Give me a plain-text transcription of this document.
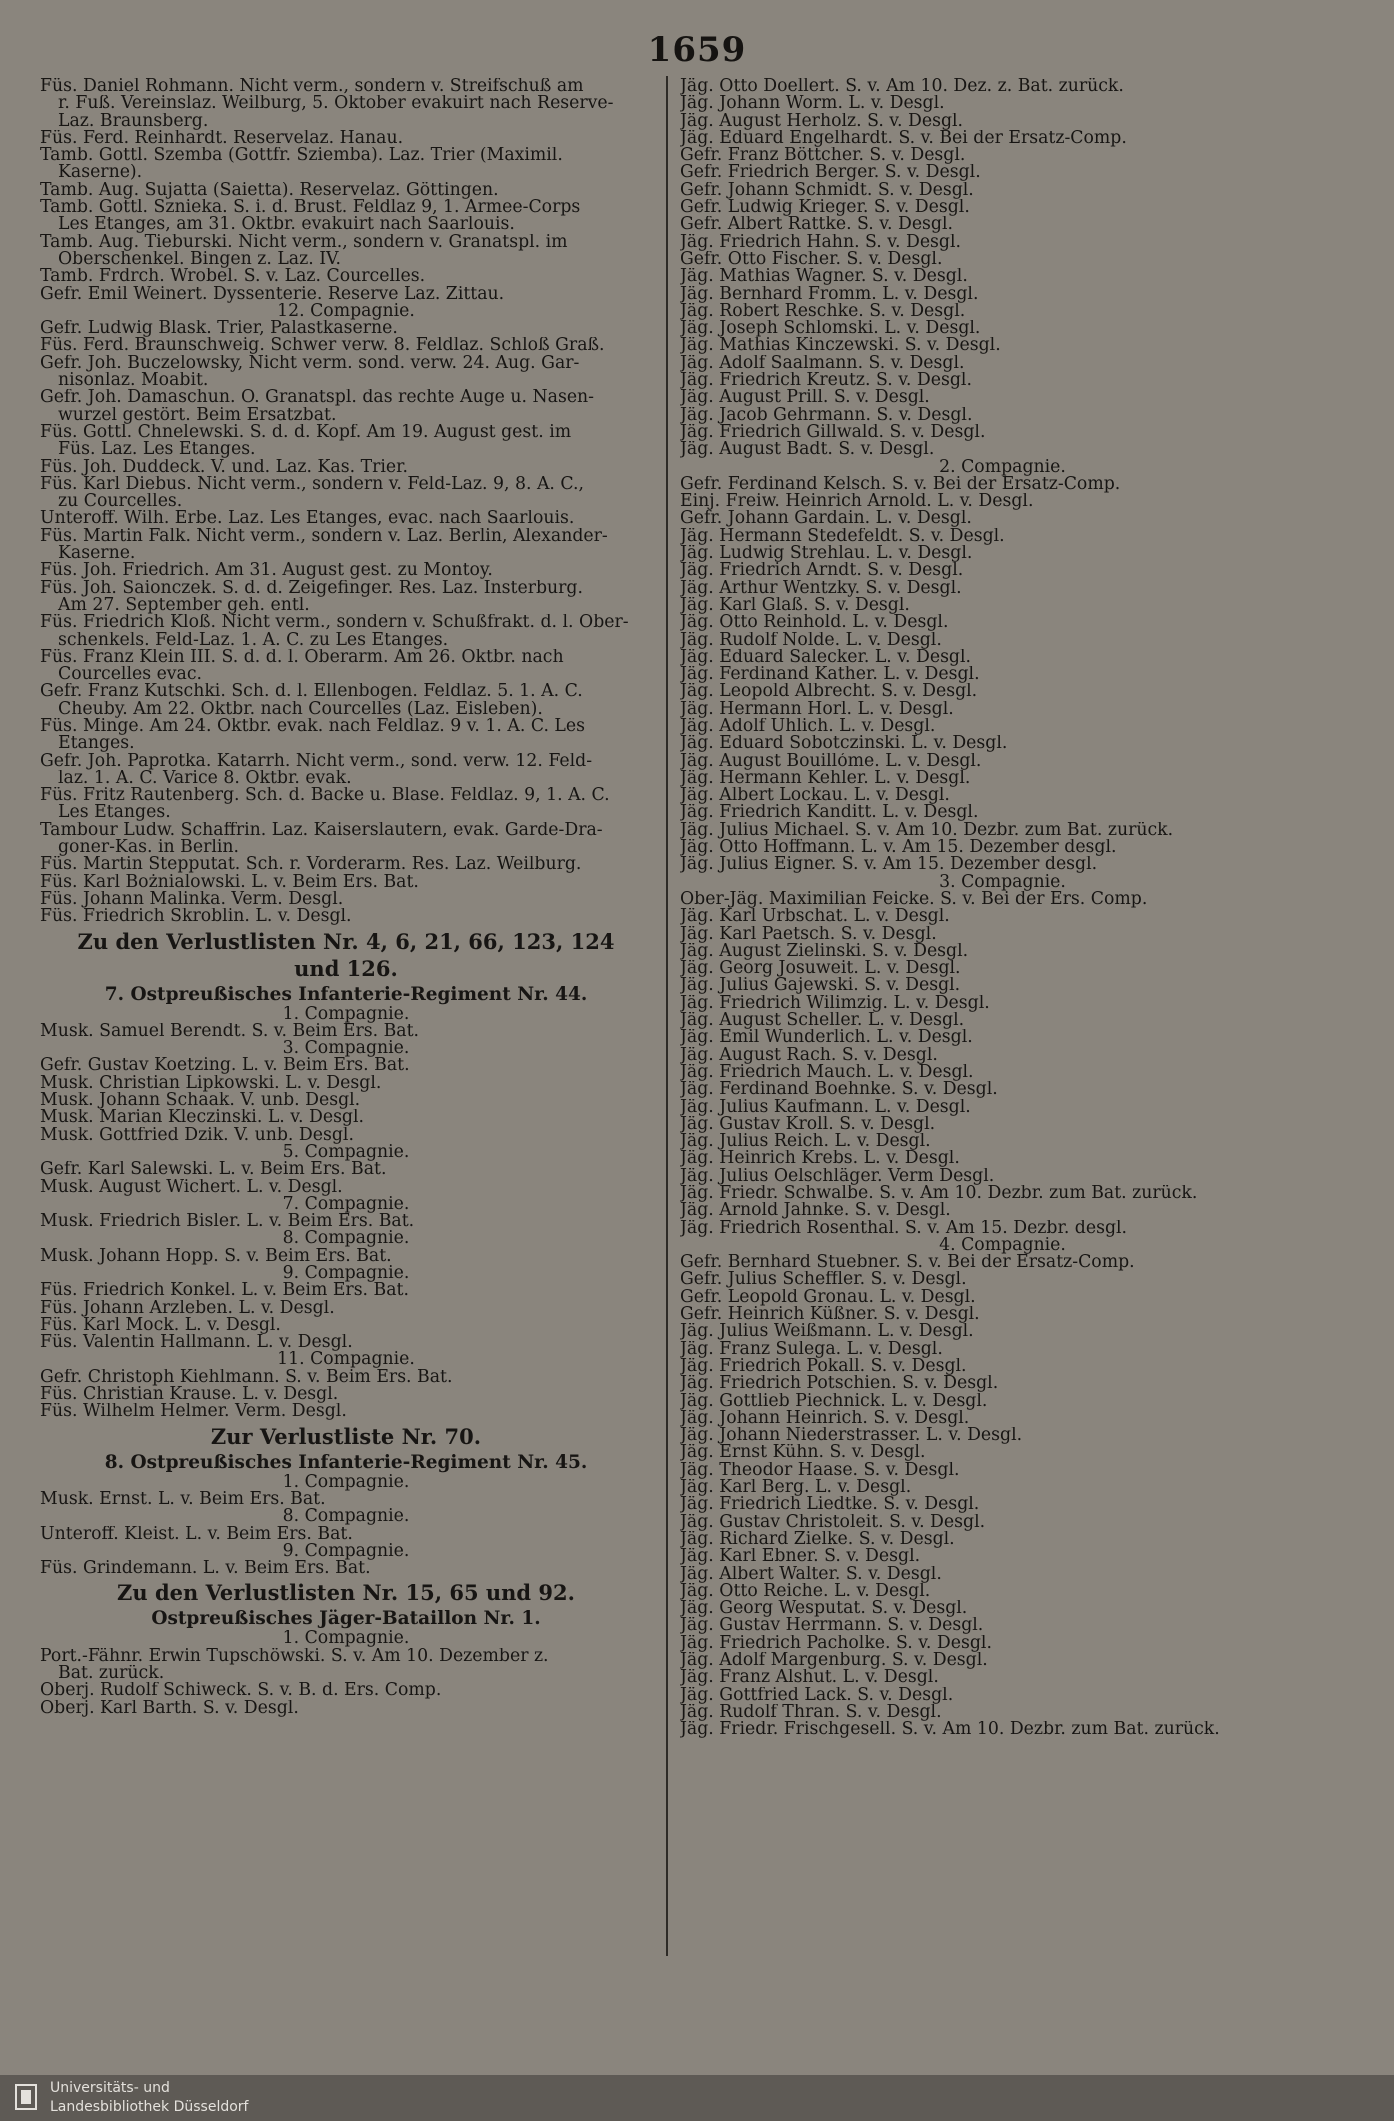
1659
Füs. Daniel Rohmann. Nicht verm., sondern v. Streifschuß am
r. Fuß. Vereinslaz. Weilburg, 5. Oktober evakuirt nach Reserve-
Laz. Braunsberg.
Füs. Ferd. Reinhardt. Reservelaz. Hanau.
Tamb. Gottl. Szemba (Gottfr. Sziemba). Laz. Trier (Maximil.
Kaserne).
Tamb. Aug. Sujatta (Saietta). Reservelaz. Göttingen.
Tamb. Gottl. Sznieka. S. i. d. Brust. Feldlaz 9, 1. Armee-Corps
Les Etanges, am 31. Oktbr. evakuirt nach Saarlouis.
Tamb. Aug. Tieburski. Nicht verm., sondern v. Granatspl. im
Oberschenkel. Bingen z. Laz. IV.
Tamb. Frdrch. Wrobel. S. v. Laz. Courcelles.
Gefr. Emil Weinert. Dyssenterie. Reserve Laz. Zittau.
12. Compagnie.
Gefr. Ludwig Blask. Trier, Palastkaserne.
Füs. Ferd. Braunschweig. Schwer verw. 8. Feldlaz. Schloß Graß.
Gefr. Joh. Buczelowsky, Nicht verm. sond. verw. 24. Aug. Gar-
nisonlaz. Moabit.
Gefr. Joh. Damaschun. O. Granatspl. das rechte Auge u. Nasen-
wurzel gestört. Beim Ersatzbat.
Füs. Gottl. Chnelewski. S. d. d. Kopf. Am 19. August gest. im
Füs. Laz. Les Etanges.
Füs. Joh. Duddeck. V. und. Laz. Kas. Trier.
Füs. Karl Diebus. Nicht verm., sondern v. Feld-Laz. 9, 8. A. C.,
zu Courcelles.
Unteroff. Wilh. Erbe. Laz. Les Etanges, evac. nach Saarlouis.
Füs. Martin Falk. Nicht verm., sondern v. Laz. Berlin, Alexander-
Kaserne.
Füs. Joh. Friedrich. Am 31. August gest. zu Montoy.
Füs. Joh. Saionczek. S. d. d. Zeigefinger. Res. Laz. Insterburg.
Am 27. September geh. entl.
Füs. Friedrich Kloß. Nicht verm., sondern v. Schußfrakt. d. l. Ober-
schenkels. Feld-Laz. 1. A. C. zu Les Etanges.
Füs. Franz Klein III. S. d. d. l. Oberarm. Am 26. Oktbr. nach
Courcelles evac.
Gefr. Franz Kutschki. Sch. d. l. Ellenbogen. Feldlaz. 5. 1. A. C.
Cheuby. Am 22. Oktbr. nach Courcelles (Laz. Eisleben).
Füs. Minge. Am 24. Oktbr. evak. nach Feldlaz. 9 v. 1. A. C. Les
Etanges.
Gefr. Joh. Paprotka. Katarrh. Nicht verm., sond. verw. 12. Feld-
laz. 1. A. C. Varice 8. Oktbr. evak.
Füs. Fritz Rautenberg. Sch. d. Backe u. Blase. Feldlaz. 9, 1. A. C.
Les Etanges.
Tambour Ludw. Schaffrin. Laz. Kaiserslautern, evak. Garde-Dra-
goner-Kas. in Berlin.
Füs. Martin Stepputat. Sch. r. Vorderarm. Res. Laz. Weilburg.
Füs. Karl Bożnialowski. L. v. Beim Ers. Bat.
Füs. Johann Malinka. Verm. Desgl.
Füs. Friedrich Skroblin. L. v. Desgl.
Zu den Verlustlisten Nr. 4, 6, 21, 66, 123, 124
und 126.
7. Ostpreußisches Infanterie-Regiment Nr. 44.
1. Compagnie.
Musk. Samuel Berendt. S. v. Beim Ers. Bat.
3. Compagnie.
Gefr. Gustav Koetzing. L. v. Beim Ers. Bat.
Musk. Christian Lipkowski. L. v. Desgl.
Musk. Johann Schaak. V. unb. Desgl.
Musk. Marian Kleczinski. L. v. Desgl.
Musk. Gottfried Dzik. V. unb. Desgl.
5. Compagnie.
Gefr. Karl Salewski. L. v. Beim Ers. Bat.
Musk. August Wichert. L. v. Desgl.
7. Compagnie.
Musk. Friedrich Bisler. L. v. Beim Ers. Bat.
8. Compagnie.
Musk. Johann Hopp. S. v. Beim Ers. Bat.
9. Compagnie.
Füs. Friedrich Konkel. L. v. Beim Ers. Bat.
Füs. Johann Arzleben. L. v. Desgl.
Füs. Karl Mock. L. v. Desgl.
Füs. Valentin Hallmann. L. v. Desgl.
11. Compagnie.
Gefr. Christoph Kiehlmann. S. v. Beim Ers. Bat.
Füs. Christian Krause. L. v. Desgl.
Füs. Wilhelm Helmer. Verm. Desgl.
Zur Verlustliste Nr. 70.
8. Ostpreußisches Infanterie-Regiment Nr. 45.
1. Compagnie.
Musk. Ernst. L. v. Beim Ers. Bat.
8. Compagnie.
Unteroff. Kleist. L. v. Beim Ers. Bat.
9. Compagnie.
Füs. Grindemann. L. v. Beim Ers. Bat.
Zu den Verlustlisten Nr. 15, 65 und 92.
Ostpreußisches Jäger-Bataillon Nr. 1.
1. Compagnie.
Port.-Fähnr. Erwin Tupschöwski. S. v. Am 10. Dezember z.
Bat. zurück.
Oberj. Rudolf Schiweck. S. v. B. d. Ers. Comp.
Oberj. Karl Barth. S. v. Desgl.
Jäg. Otto Doellert. S. v. Am 10. Dez. z. Bat. zurück.
Jäg. Johann Worm. L. v. Desgl.
Jäg. August Herholz. S. v. Desgl.
Jäg. Eduard Engelhardt. S. v. Bei der Ersatz-Comp.
Gefr. Franz Böttcher. S. v. Desgl.
Gefr. Friedrich Berger. S. v. Desgl.
Gefr. Johann Schmidt. S. v. Desgl.
Gefr. Ludwig Krieger. S. v. Desgl.
Gefr. Albert Rattke. S. v. Desgl.
Jäg. Friedrich Hahn. S. v. Desgl.
Gefr. Otto Fischer. S. v. Desgl.
Jäg. Mathias Wagner. S. v. Desgl.
Jäg. Bernhard Fromm. L. v. Desgl.
Jäg. Robert Reschke. S. v. Desgl.
Jäg. Joseph Schlomski. L. v. Desgl.
Jäg. Mathias Kinczewski. S. v. Desgl.
Jäg. Adolf Saalmann. S. v. Desgl.
Jäg. Friedrich Kreutz. S. v. Desgl.
Jäg. August Prill. S. v. Desgl.
Jäg. Jacob Gehrmann. S. v. Desgl.
Jäg. Friedrich Gillwald. S. v. Desgl.
Jäg. August Badt. S. v. Desgl.
2. Compagnie.
Gefr. Ferdinand Kelsch. S. v. Bei der Ersatz-Comp.
Einj. Freiw. Heinrich Arnold. L. v. Desgl.
Gefr. Johann Gardain. L. v. Desgl.
Jäg. Hermann Stedefeldt. S. v. Desgl.
Jäg. Ludwig Strehlau. L. v. Desgl.
Jäg. Friedrich Arndt. S. v. Desgl.
Jäg. Arthur Wentzky. S. v. Desgl.
Jäg. Karl Glaß. S. v. Desgl.
Jäg. Otto Reinhold. L. v. Desgl.
Jäg. Rudolf Nolde. L. v. Desgl.
Jäg. Eduard Salecker. L. v. Desgl.
Jäg. Ferdinand Kather. L. v. Desgl.
Jäg. Leopold Albrecht. S. v. Desgl.
Jäg. Hermann Horl. L. v. Desgl.
Jäg. Adolf Uhlich. L. v. Desgl.
Jäg. Eduard Sobotczinski. L. v. Desgl.
Jäg. August Bouillóme. L. v. Desgl.
Jäg. Hermann Kehler. L. v. Desgl.
Jäg. Albert Lockau. L. v. Desgl.
Jäg. Friedrich Kanditt. L. v. Desgl.
Jäg. Julius Michael. S. v. Am 10. Dezbr. zum Bat. zurück.
Jäg. Otto Hoffmann. L. v. Am 15. Dezember desgl.
Jäg. Julius Eigner. S. v. Am 15. Dezember desgl.
3. Compagnie.
Ober-Jäg. Maximilian Feicke. S. v. Bei der Ers. Comp.
Jäg. Karl Urbschat. L. v. Desgl.
Jäg. Karl Paetsch. S. v. Desgl.
Jäg. August Zielinski. S. v. Desgl.
Jäg. Georg Josuweit. L. v. Desgl.
Jäg. Julius Gajewski. S. v. Desgl.
Jäg. Friedrich Wilimzig. L. v. Desgl.
Jäg. August Scheller. L. v. Desgl.
Jäg. Emil Wunderlich. L. v. Desgl.
Jäg. August Rach. S. v. Desgl.
Jäg. Friedrich Mauch. L. v. Desgl.
Jäg. Ferdinand Boehnke. S. v. Desgl.
Jäg. Julius Kaufmann. L. v. Desgl.
Jäg. Gustav Kroll. S. v. Desgl.
Jäg. Julius Reich. L. v. Desgl.
Jäg. Heinrich Krebs. L. v. Desgl.
Jäg. Julius Oelschläger. Verm Desgl.
Jäg. Friedr. Schwalbe. S. v. Am 10. Dezbr. zum Bat. zurück.
Jäg. Arnold Jahnke. S. v. Desgl.
Jäg. Friedrich Rosenthal. S. v. Am 15. Dezbr. desgl.
4. Compagnie.
Gefr. Bernhard Stuebner. S. v. Bei der Ersatz-Comp.
Gefr. Julius Scheffler. S. v. Desgl.
Gefr. Leopold Gronau. L. v. Desgl.
Gefr. Heinrich Küßner. S. v. Desgl.
Jäg. Julius Weißmann. L. v. Desgl.
Jäg. Franz Sulega. L. v. Desgl.
Jäg. Friedrich Pokall. S. v. Desgl.
Jäg. Friedrich Potschien. S. v. Desgl.
Jäg. Gottlieb Piechnick. L. v. Desgl.
Jäg. Johann Heinrich. S. v. Desgl.
Jäg. Johann Niederstrasser. L. v. Desgl.
Jäg. Ernst Kühn. S. v. Desgl.
Jäg. Theodor Haase. S. v. Desgl.
Jäg. Karl Berg. L. v. Desgl.
Jäg. Friedrich Liedtke. S. v. Desgl.
Jäg. Gustav Christoleit. S. v. Desgl.
Jäg. Richard Zielke. S. v. Desgl.
Jäg. Karl Ebner. S. v. Desgl.
Jäg. Albert Walter. S. v. Desgl.
Jäg. Otto Reiche. L. v. Desgl.
Jäg. Georg Wesputat. S. v. Desgl.
Jäg. Gustav Herrmann. S. v. Desgl.
Jäg. Friedrich Pacholke. S. v. Desgl.
Jäg. Adolf Margenburg. S. v. Desgl.
Jäg. Franz Alshut. L. v. Desgl.
Jäg. Gottfried Lack. S. v. Desgl.
Jäg. Rudolf Thran. S. v. Desgl.
Jäg. Friedr. Frischgesell. S. v. Am 10. Dezbr. zum Bat. zurück.
Universitäts- und
Landesbibliothek Düsseldorf
